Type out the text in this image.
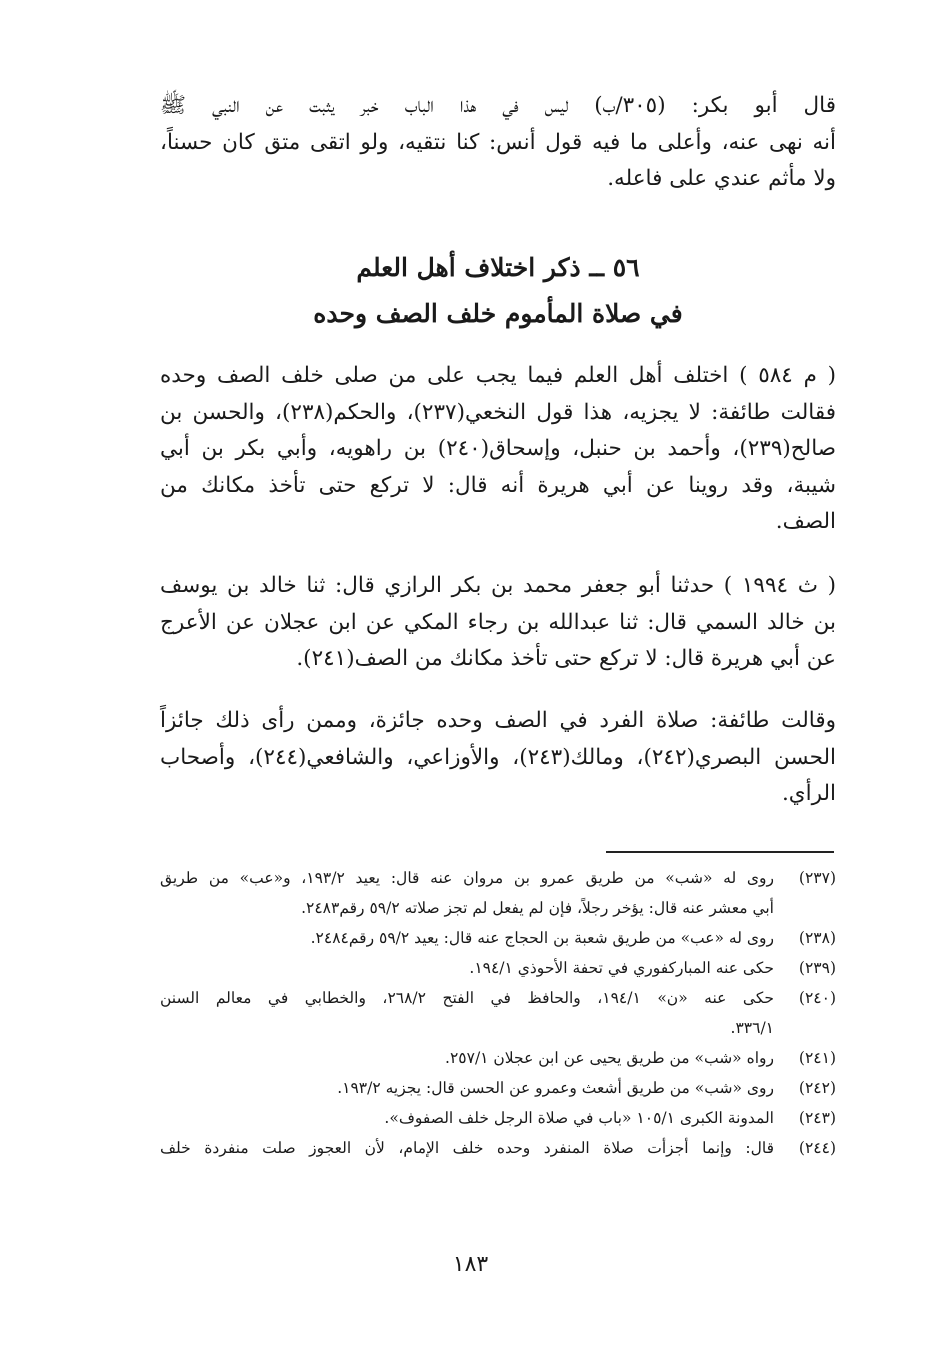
قال أبو بكر: (٣٠٥/ب) ليس في هذا الباب خبر يثبت عن النبي ﷺ
أنه نهى عنه، وأعلى ما فيه قول أنس: كنا نتقيه، ولو اتقى متق كان حسناً،
ولا مأثم عندي على فاعله.
٥٦ ــ ذكر اختلاف أهل العلم
في صلاة المأموم خلف الصف وحده
( م ٥٨٤ ) اختلف أهل العلم فيما يجب على من صلى خلف الصف وحده
فقالت طائفة: لا يجزيه، هذا قول النخعي(٢٣٧)، والحكم(٢٣٨)، والحسن بن
صالح(٢٣٩)، وأحمد بن حنبل، وإسحاق(٢٤٠) بن راهويه، وأبي بكر بن أبي
شيبة، وقد روينا عن أبي هريرة أنه قال: لا تركع حتى تأخذ مكانك من
الصف.
( ث ١٩٩٤ ) حدثنا أبو جعفر محمد بن بكر الرازي قال: ثنا خالد بن يوسف
بن خالد السمي قال: ثنا عبدالله بن رجاء المكي عن ابن عجلان عن الأعرج
عن أبي هريرة قال: لا تركع حتى تأخذ مكانك من الصف(٢٤١).
وقالت طائفة: صلاة الفرد في الصف وحده جائزة، وممن رأى ذلك جائزاً
الحسن البصري(٢٤٢)، ومالك(٢٤٣)، والأوزاعي، والشافعي(٢٤٤)، وأصحاب
الرأي.
(٢٣٧)
روى له «شب» من طريق عمرو بن مروان عنه قال: يعيد ١٩٣/٢، و«عب» من طريق
أبي معشر عنه قال: يؤخر رجلاً، فإن لم يفعل لم تجز صلاته ٥٩/٢ رقم٢٤٨٣.
(٢٣٨)
روى له «عب» من طريق شعبة بن الحجاج عنه قال: يعيد ٥٩/٢ رقم٢٤٨٤.
(٢٣٩)
حكى عنه المباركفوري في تحفة الأحوذي ١٩٤/١.
(٢٤٠)
حكى عنه «ن» ١٩٤/١، والحافظ في الفتح ٢٦٨/٢، والخطابي في معالم السنن
٣٣٦/١.
(٢٤١)
رواه «شب» من طريق يحيى عن ابن عجلان ٢٥٧/١.
(٢٤٢)
روى «شب» من طريق أشعث وعمرو عن الحسن قال: يجزيه ١٩٣/٢.
(٢٤٣)
المدونة الكبرى ١٠٥/١ «باب في صلاة الرجل خلف الصفوف».
(٢٤٤)
قال: وإنما أجزأت صلاة المنفرد وحده خلف الإمام، لأن العجوز صلت منفردة خلف
١٨٣
